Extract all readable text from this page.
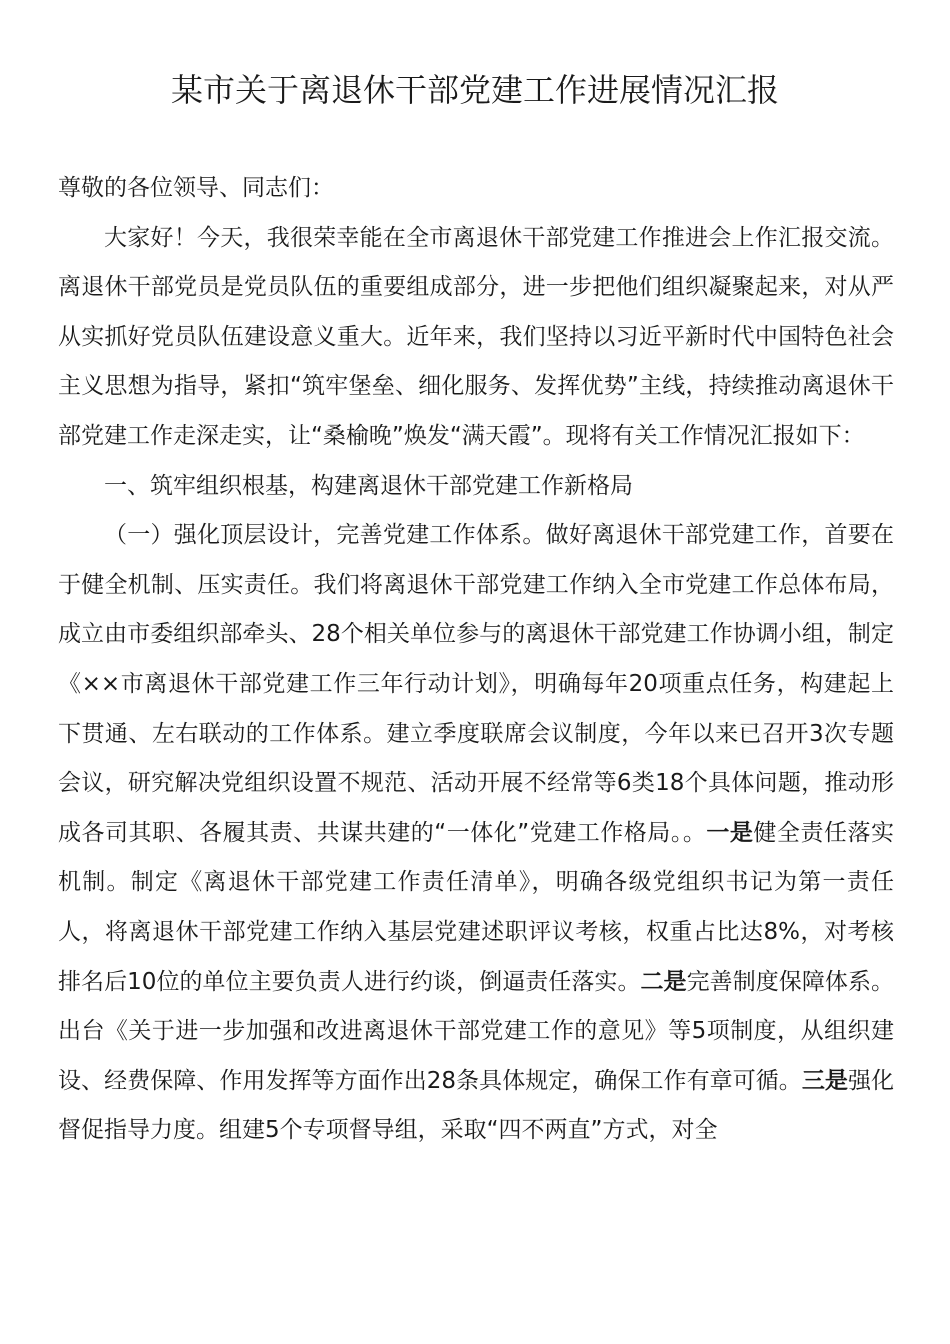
某市关于离退休干部党建工作进展情况汇报

尊敬的各位领导、同志们：

大家好！今天，我很荣幸能在全市离退休干部党建工作推进会上作汇报交流。离退休干部党员是党员队伍的重要组成部分，进一步把他们组织凝聚起来，对从严从实抓好党员队伍建设意义重大。近年来，我们坚持以习近平新时代中国特色社会主义思想为指导，紧扣“筑牢堡垒、细化服务、发挥优势”主线，持续推动离退休干部党建工作走深走实，让“桑榆晚”焕发“满天霞”。现将有关工作情况汇报如下：

一、筑牢组织根基，构建离退休干部党建工作新格局

（一）强化顶层设计，完善党建工作体系。做好离退休干部党建工作，首要在于健全机制、压实责任。我们将离退休干部党建工作纳入全市党建工作总体布局，成立由市委组织部牵头、28个相关单位参与的离退休干部党建工作协调小组，制定《××市离退休干部党建工作三年行动计划》，明确每年20项重点任务，构建起上下贯通、左右联动的工作体系。建立季度联席会议制度，今年以来已召开3次专题会议，研究解决党组织设置不规范、活动开展不经常等6类18个具体问题，推动形成各司其职、各履其责、共谋共建的“一体化”党建工作格局。。一是健全责任落实机制。制定《离退休干部党建工作责任清单》，明确各级党组织书记为第一责任人，将离退休干部党建工作纳入基层党建述职评议考核，权重占比达8%，对考核排名后10位的单位主要负责人进行约谈，倒逼责任落实。二是完善制度保障体系。出台《关于进一步加强和改进离退休干部党建工作的意见》等5项制度，从组织建设、经费保障、作用发挥等方面作出28条具体规定，确保工作有章可循。三是强化督促指导力度。组建5个专项督导组，采取“四不两直”方式，对全
